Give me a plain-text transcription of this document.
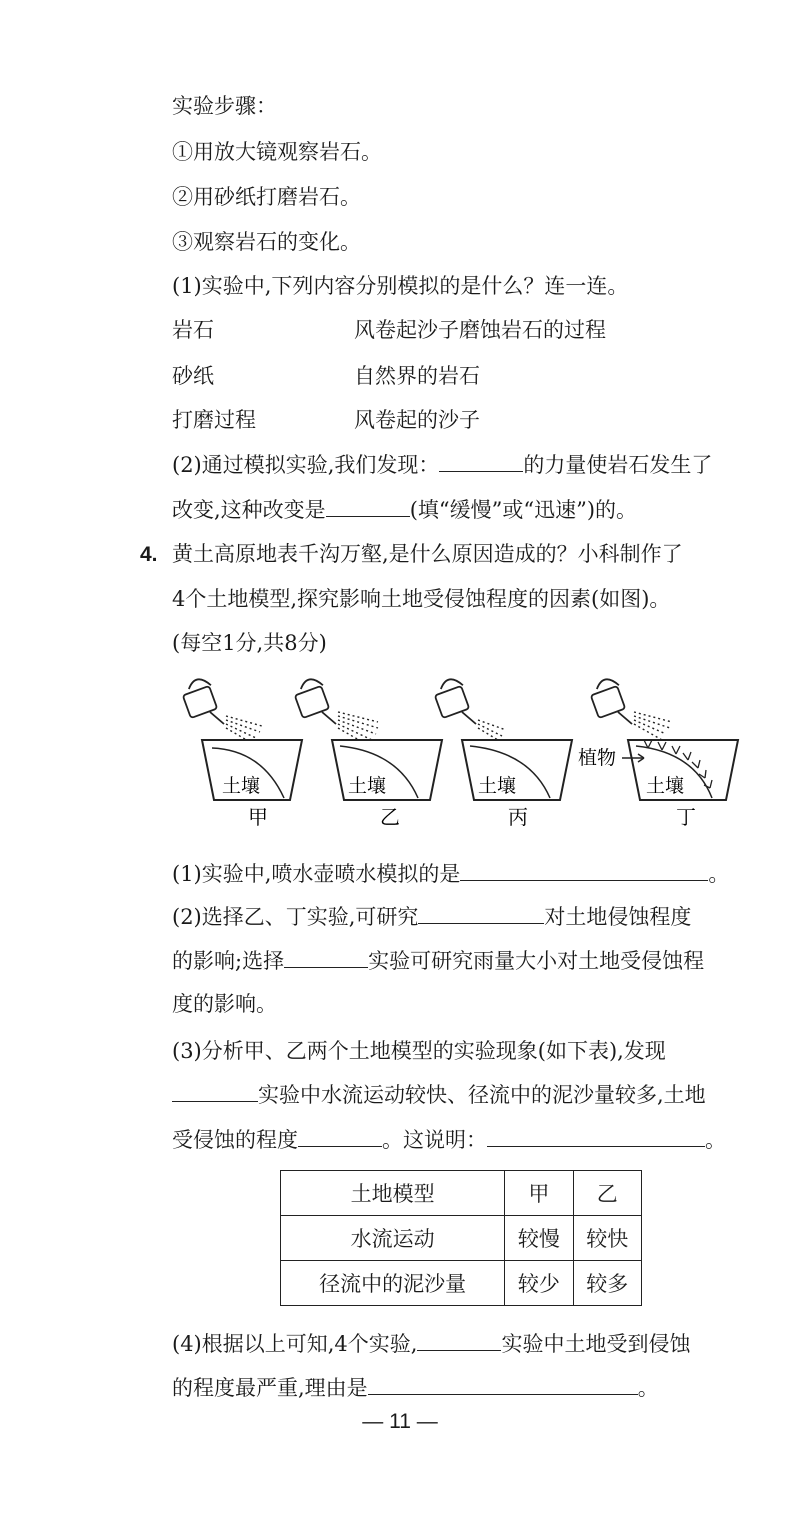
实验步骤：
①用放大镜观察岩石。
②用砂纸打磨岩石。
③观察岩石的变化。
(1)实验中,下列内容分别模拟的是什么？连一连。
岩石	风卷起沙子磨蚀岩石的过程
砂纸	自然界的岩石
打磨过程	风卷起的沙子
(2)通过模拟实验,我们发现：	的力量使岩石发生了
改变,这种改变是	(填“缓慢”或“迅速”)的。
4. 黄土高原地表千沟万壑,是什么原因造成的？小科制作了
4个土地模型,探究影响土地受侵蚀程度的因素(如图)。
(每空1分,共8分)
土壤	土壤	土壤	土壤
植物
甲	乙	丙	丁
(1)实验中,喷水壶喷水模拟的是	。
(2)选择乙、丁实验,可研究	对土地侵蚀程度
的影响;选择	实验可研究雨量大小对土地受侵蚀程
度的影响。
(3)分析甲、乙两个土地模型的实验现象(如下表),发现
实验中水流运动较快、径流中的泥沙量较多,土地
受侵蚀的程度	。这说明：	。
土地模型	甲	乙
水流运动	较慢	较快
径流中的泥沙量	较少	较多
(4)根据以上可知,4个实验,	实验中土地受到侵蚀
的程度最严重,理由是	。
— 11 —
